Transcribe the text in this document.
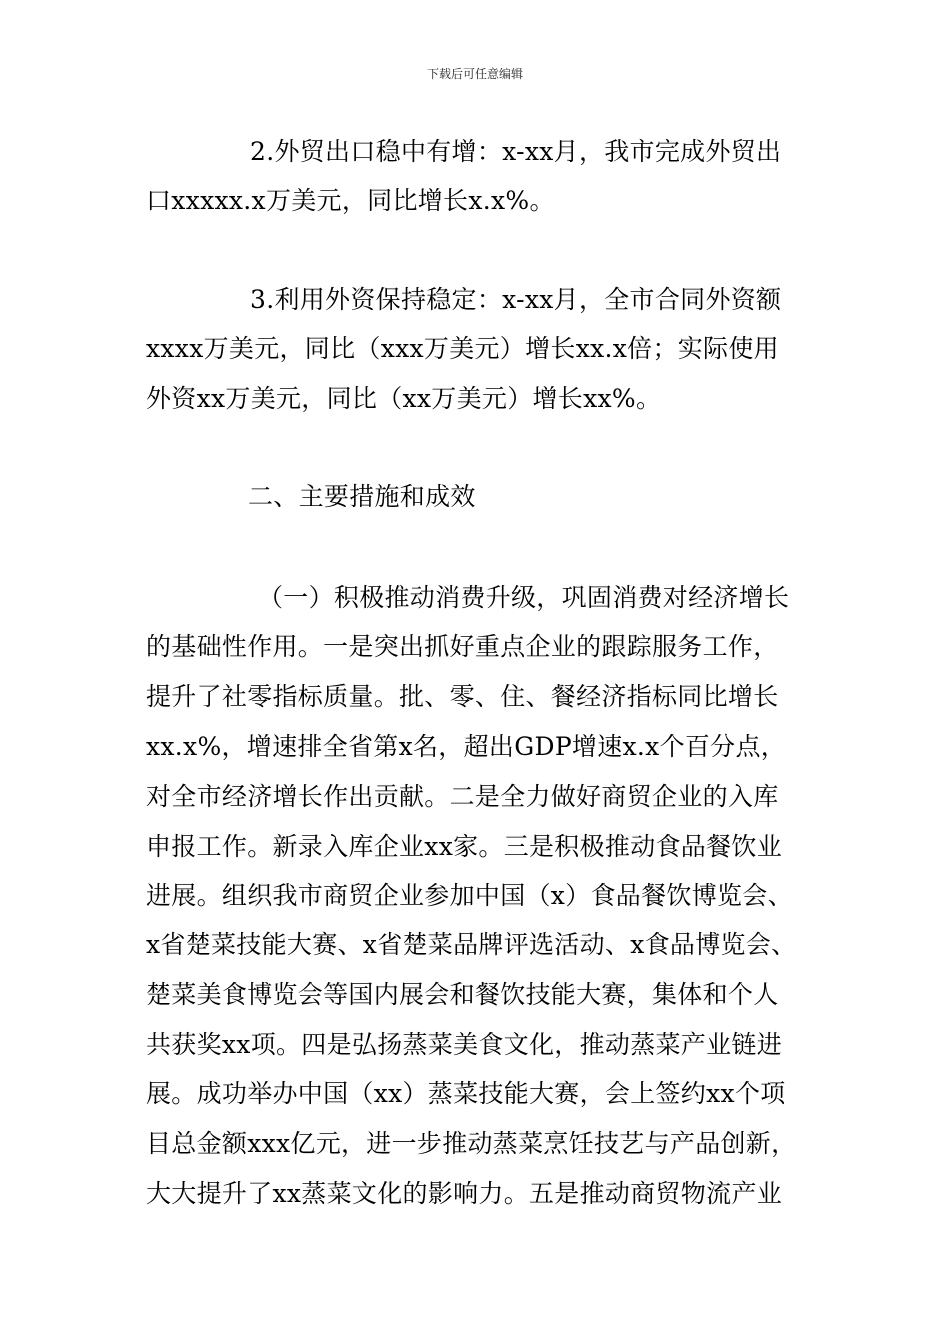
下载后可任意编辑
2.外贸出口稳中有增：x-xx月，我市完成外贸出
口xxxxx.x万美元，同比增长x.x%。
3.利用外资保持稳定：x-xx月，全市合同外资额
xxxx万美元，同比（xxx万美元）增长xx.x倍；实际使用
外资xx万美元，同比（xx万美元）增长xx%。
二、主要措施和成效
（一）积极推动消费升级，巩固消费对经济增长
的基础性作用。一是突出抓好重点企业的跟踪服务工作，
提升了社零指标质量。批、零、住、餐经济指标同比增长
xx.x%，增速排全省第x名，超出GDP增速x.x个百分点，
对全市经济增长作出贡献。二是全力做好商贸企业的入库
申报工作。新录入库企业xx家。三是积极推动食品餐饮业
进展。组织我市商贸企业参加中国（x）食品餐饮博览会、
x省楚菜技能大赛、x省楚菜品牌评选活动、x食品博览会、
楚菜美食博览会等国内展会和餐饮技能大赛，集体和个人
共获奖xx项。四是弘扬蒸菜美食文化，推动蒸菜产业链进
展。成功举办中国（xx）蒸菜技能大赛，会上签约xx个项
目总金额xxx亿元，进一步推动蒸菜烹饪技艺与产品创新，
大大提升了xx蒸菜文化的影响力。五是推动商贸物流产业
